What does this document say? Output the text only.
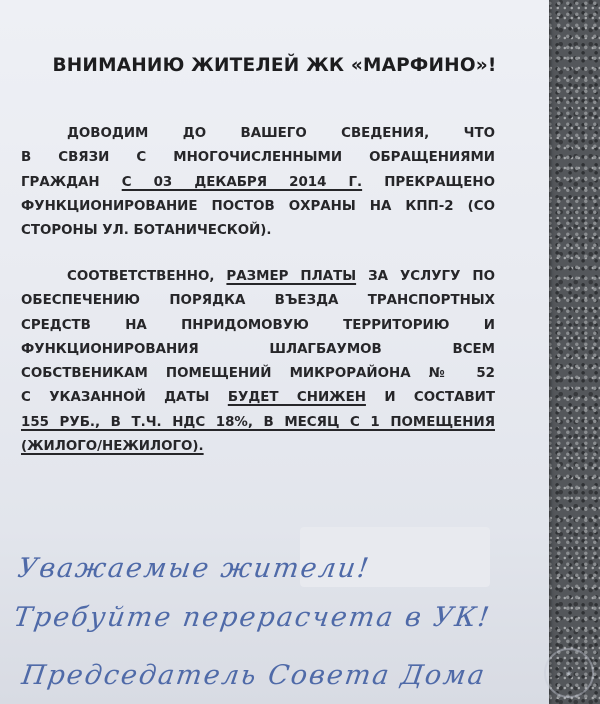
ВНИМАНИЮ ЖИТЕЛЕЙ ЖК «МАРФИНО»!
ДОВОДИМ ДО ВАШЕГО СВЕДЕНИЯ, ЧТО
В СВЯЗИ С МНОГОЧИСЛЕННЫМИ ОБРАЩЕНИЯМИ
ГРАЖДАН С 03 ДЕКАБРЯ 2014 Г. ПРЕКРАЩЕНО
ФУНКЦИОНИРОВАНИЕ ПОСТОВ ОХРАНЫ НА КПП-2 (СО
СТОРОНЫ УЛ. БОТАНИЧЕСКОЙ).
СООТВЕТСТВЕННО, РАЗМЕР ПЛАТЫ ЗА УСЛУГУ ПО
ОБЕСПЕЧЕНИЮ ПОРЯДКА ВЪЕЗДА ТРАНСПОРТНЫХ
СРЕДСТВ НА ПНРИДОМОВУЮ ТЕРРИТОРИЮ И
ФУНКЦИОНИРОВАНИЯ ШЛАГБАУМОВ ВСЕМ
СОБСТВЕНИКАМ ПОМЕЩЕНИЙ МИКРОРАЙОНА № 52
С УКАЗАННОЙ ДАТЫ БУДЕТ СНИЖЕН И СОСТАВИТ
155 РУБ., В Т.Ч. НДС 18%, В МЕСЯЦ С 1 ПОМЕЩЕНИЯ
(ЖИЛОГО/НЕЖИЛОГО).
Уважаемые жители!
Требуйте перерасчета в УК!
Председатель Совета Дома	★
